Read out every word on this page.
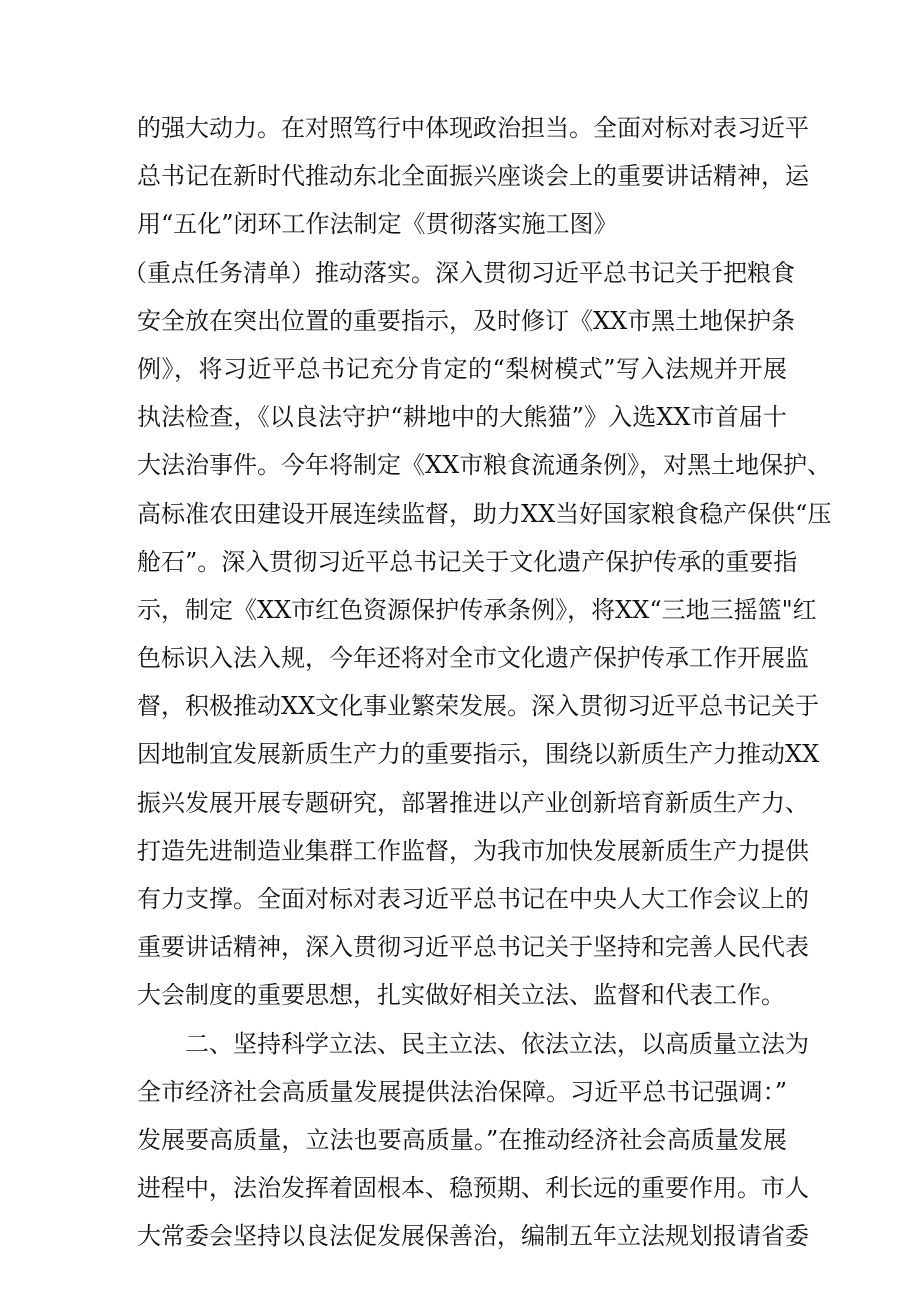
的强大动力。在对照笃行中体现政治担当。全面对标对表习近平
总书记在新时代推动东北全面振兴座谈会上的重要讲话精神，运
用“五化”闭环工作法制定《贯彻落实施工图》
（重点任务清单）推动落实。深入贯彻习近平总书记关于把粮食
安全放在突出位置的重要指示，及时修订《XX市黑土地保护条
例》，将习近平总书记充分肯定的“梨树模式”写入法规并开展
执法检查，《以良法守护“耕地中的大熊猫”》入选XX市首届十
大法治事件。今年将制定《XX市粮食流通条例》，对黑土地保护、
高标准农田建设开展连续监督，助力XX当好国家粮食稳产保供“压
舱石”。深入贯彻习近平总书记关于文化遗产保护传承的重要指
示，制定《XX市红色资源保护传承条例》，将XX“三地三摇篮"红
色标识入法入规，今年还将对全市文化遗产保护传承工作开展监
督，积极推动XX文化事业繁荣发展。深入贯彻习近平总书记关于
因地制宜发展新质生产力的重要指示，围绕以新质生产力推动XX
振兴发展开展专题研究，部署推进以产业创新培育新质生产力、
打造先进制造业集群工作监督，为我市加快发展新质生产力提供
有力支撑。全面对标对表习近平总书记在中央人大工作会议上的
重要讲话精神，深入贯彻习近平总书记关于坚持和完善人民代表
大会制度的重要思想，扎实做好相关立法、监督和代表工作。
二、坚持科学立法、民主立法、依法立法，以高质量立法为
全市经济社会高质量发展提供法治保障。习近平总书记强调：”
发展要高质量，立法也要高质量。”在推动经济社会高质量发展
进程中，法治发挥着固根本、稳预期、利长远的重要作用。市人
大常委会坚持以良法促发展保善治，编制五年立法规划报请省委
